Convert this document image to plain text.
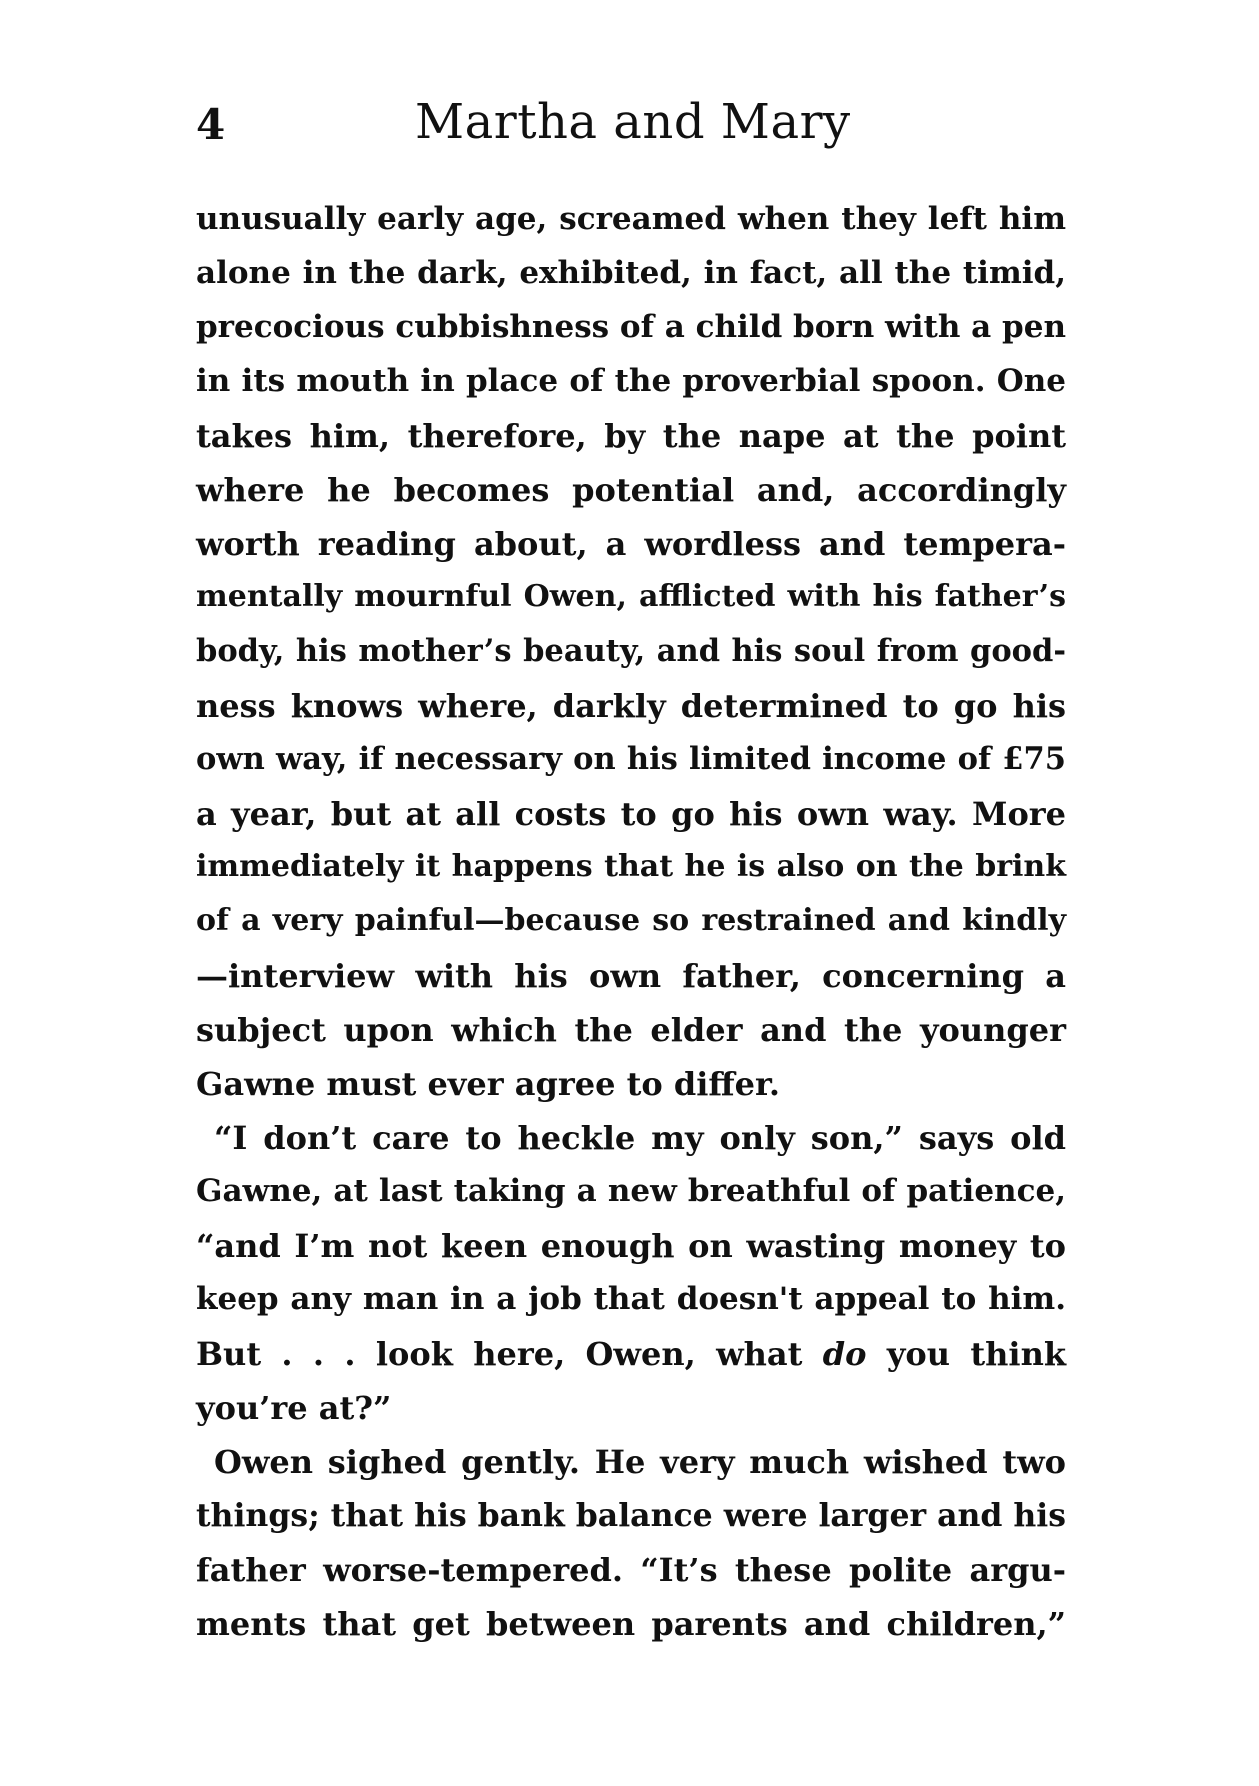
4	Martha and Mary
unusually early age, screamed when they left him
alone in the dark, exhibited, in fact, all the timid,
precocious cubbishness of a child born with a pen
in its mouth in place of the proverbial spoon. One
takes him, therefore, by the nape at the point
where he becomes potential and, accordingly
worth reading about, a wordless and tempera-
mentally mournful Owen, afflicted with his father’s
body, his mother’s beauty, and his soul from good-
ness knows where, darkly determined to go his
own way, if necessary on his limited income of £75
a year, but at all costs to go his own way. More
immediately it happens that he is also on the brink
of a very painful—because so restrained and kindly
—interview with his own father, concerning a
subject upon which the elder and the younger
Gawne must ever agree to differ.
“I don’t care to heckle my only son,” says old
Gawne, at last taking a new breathful of patience,
“and I’m not keen enough on wasting money to
keep any man in a job that doesn't appeal to him.
But . . . look here, Owen, what do you think
you’re at?”
Owen sighed gently. He very much wished two
things; that his bank balance were larger and his
father worse-tempered. “It’s these polite argu-
ments that get between parents and children,”
